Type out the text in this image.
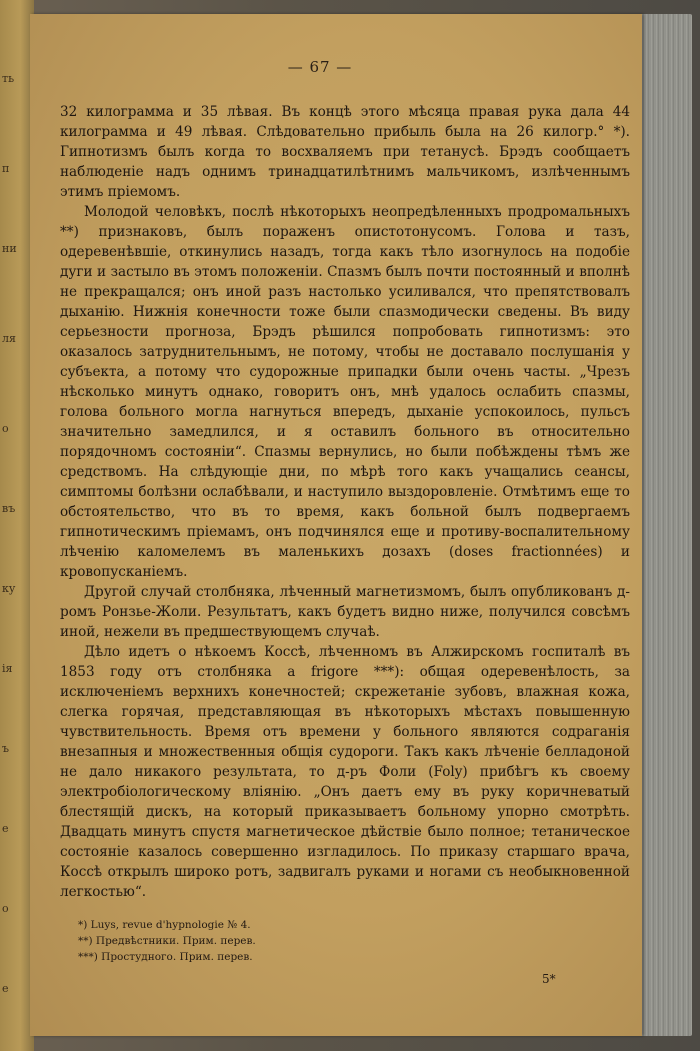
ть
п
ни
ля
о
въ
ку
ія
ъ
е
о
е
— 67 —

32 килограмма и 35 лѣвая. Въ концѣ этого мѣсяца правая рука дала 44 килограмма и 49 лѣвая. Слѣдовательно прибыль была на 26 килогр.° *). Гипнотизмъ былъ когда то восхваляемъ при тетанусѣ. Брэдъ сообщаетъ наблюденіе надъ однимъ тринадцатилѣтнимъ мальчикомъ, излѣченнымъ этимъ пріемомъ.

Молодой человѣкъ, послѣ нѣкоторыхъ неопредѣленныхъ продромальныхъ **) признаковъ, былъ пораженъ опистотонусомъ. Голова и тазъ, одеревенѣвшіе, откинулись назадъ, тогда какъ тѣло изогнулось на подобіе дуги и застыло въ этомъ положеніи. Спазмъ былъ почти постоянный и вполнѣ не прекращался; онъ иной разъ настолько усиливался, что препятствовалъ дыханію. Нижнія конечности тоже были спазмодически сведены. Въ виду серьезности прогноза, Брэдъ рѣшился попробовать гипнотизмъ: это оказалось затруднительнымъ, не потому, чтобы не доставало послушанія у субъекта, а потому что судорожные припадки были очень часты. „Чрезъ нѣсколько минутъ однако, говоритъ онъ, мнѣ удалось ослабить спазмы, голова больного могла нагнуться впередъ, дыханіе успокоилось, пульсъ значительно замедлился, и я оставилъ больного въ относительно порядочномъ состояніи“. Спазмы вернулись, но были побѣждены тѣмъ же средствомъ. На слѣдующіе дни, по мѣрѣ того какъ учащались сеансы, симптомы болѣзни ослабѣвали, и наступило выздоровленіе. Отмѣтимъ еще то обстоятельство, что въ то время, какъ больной былъ подвергаемъ гипнотическимъ пріемамъ, онъ подчинялся еще и противу-воспалительному лѣченію каломелемъ въ маленькихъ дозахъ (doses fractionnées) и кровопусканіемъ.

Другой случай столбняка, лѣченный магнетизмомъ, былъ опубликованъ д-ромъ Ронзье-Жоли. Результатъ, какъ будетъ видно ниже, получился совсѣмъ иной, нежели въ предшествующемъ случаѣ.

Дѣло идетъ о нѣкоемъ Коссѣ, лѣченномъ въ Алжирскомъ госпиталѣ въ 1853 году отъ столбняка a frigore ***): общая одеревенѣлость, за исключеніемъ верхнихъ конечностей; скрежетаніе зубовъ, влажная кожа, слегка горячая, представляющая въ нѣкоторыхъ мѣстахъ повышенную чувствительность. Время отъ времени у больного являются содраганія внезапныя и множественныя общія судороги. Такъ какъ лѣченіе белладоной не дало никакого результата, то д-ръ Фоли (Foly) прибѣгъ къ своему электробіологическому вліянію. „Онъ даетъ ему въ руку коричневатый блестящій дискъ, на который приказываетъ больному упорно смотрѣть. Двадцать минутъ спустя магнетическое дѣйствіе было полное; тетаническое состояніе казалось совершенно изгладилось. По приказу старшаго врача, Коссѣ открылъ широко ротъ, задвигалъ руками и ногами съ необыкновенной легкостью“.

*) Luys, revue d'hypnologie № 4.

**) Предвѣстники. Прим. перев.

***) Простудного. Прим. перев.

5*
